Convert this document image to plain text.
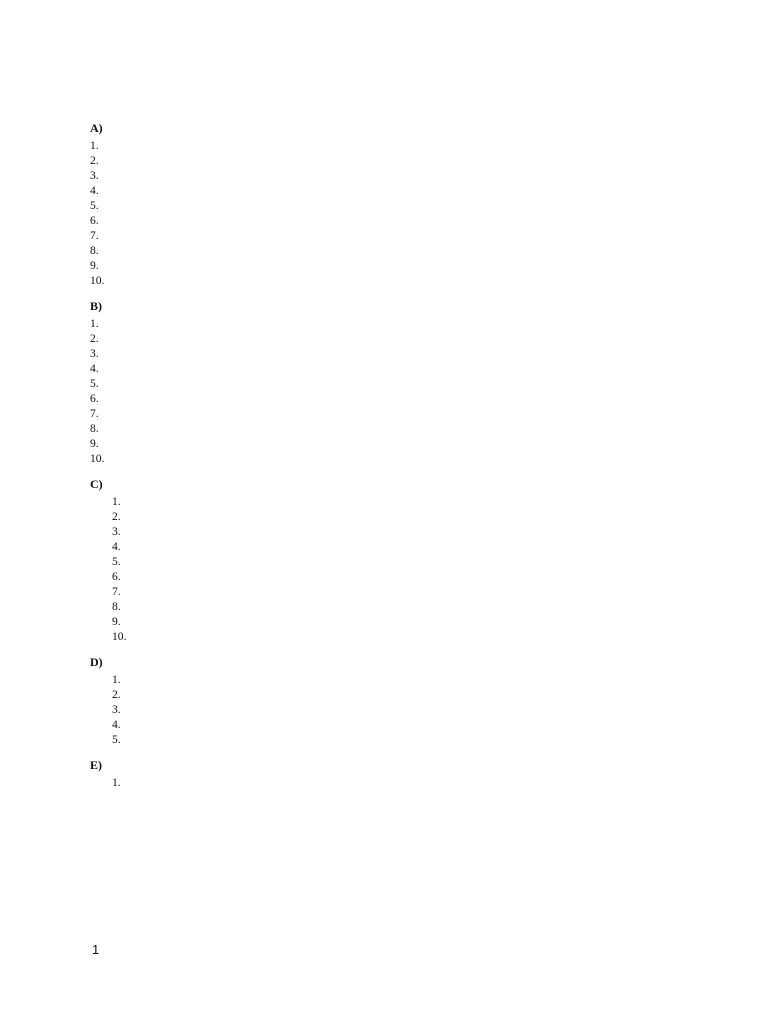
A)
1.
2.
3.
4.
5.
6.
7.
8.
9.
10.
B)
1.
2.
3.
4.
5.
6.
7.
8.
9.
10.
C)
1.
2.
3.
4.
5.
6.
7.
8.
9.
10.
D)
1.
2.
3.
4.
5.
E)
1.
1
